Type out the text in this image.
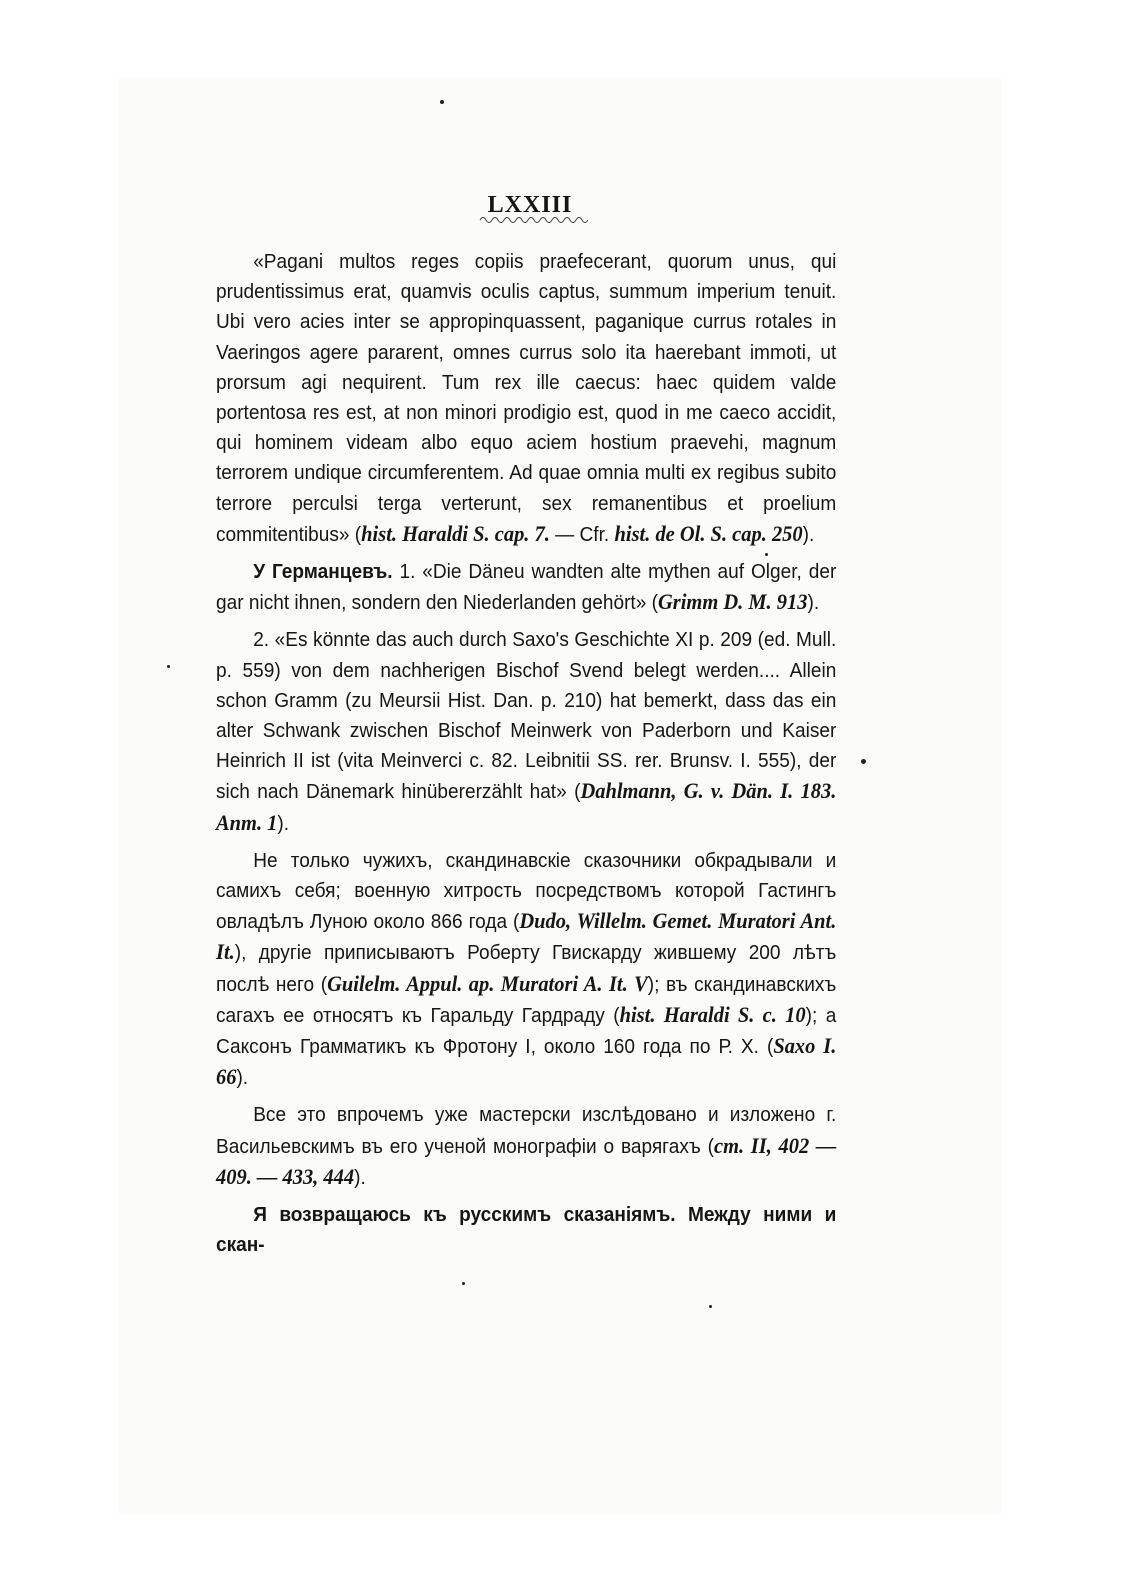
LXXIII

«Pagani multos reges copiis praefecerant, quorum unus, qui prudentissimus erat, quamvis oculis captus, summum imperium tenuit. Ubi vero acies inter se appropinquassent, paganique currus rotales in Vaeringos agere pararent, omnes currus solo ita haerebant immoti, ut prorsum agi nequirent. Tum rex ille caecus: haec quidem valde portentosa res est, at non minori prodigio est, quod in me caeco accidit, qui hominem videam albo equo aciem hostium praevehi, magnum terrorem undique circumferentem. Ad quae omnia multi ex regibus subito terrore perculsi terga verterunt, sex remanentibus et proelium commitentibus» (hist. Haraldi S. cap. 7. — Cfr. hist. de Ol. S. cap. 250).

У Германцевъ. 1. «Die Däneu wandten alte mythen auf Olger, der gar nicht ihnen, sondern den Niederlanden gehört» (Grimm D. M. 913).

2. «Es könnte das auch durch Saxo's Geschichte XI p. 209 (ed. Mull. p. 559) von dem nachherigen Bischof Svend belegt werden.... Allein schon Gramm (zu Meursii Hist. Dan. p. 210) hat bemerkt, dass das ein alter Schwank zwischen Bischof Meinwerk von Paderborn und Kaiser Heinrich II ist (vita Meinverci c. 82. Leibnitii SS. rer. Brunsv. I. 555), der sich nach Dänemark hinübererzählt hat» (Dahlmann, G. v. Dän. I. 183. Anm. 1).

Не только чужихъ, скандинавскіе сказочники обкрадывали и самихъ себя; военную хитрость посредствомъ которой Гастингъ овладѣлъ Луною около 866 года (Dudo, Willelm. Gemet. Muratori Ant. It.), другіе приписываютъ Роберту Гвискарду жившему 200 лѣтъ послѣ него (Guilelm. Appul. ap. Muratori A. It. V); въ скандинавскихъ сагахъ ее относятъ къ Гаральду Гардраду (hist. Haraldi S. c. 10); а Саксонъ Грамматикъ къ Фротону I, около 160 года по Р. Х. (Saxo I. 66).

Все это впрочемъ уже мастерски изслѣдовано и изложено г. Васильевскимъ въ его ученой монографіи о варягахъ (cm. II, 402 — 409. — 433, 444).

Я возвращаюсь къ русскимъ сказаніямъ. Между ними и скан-
